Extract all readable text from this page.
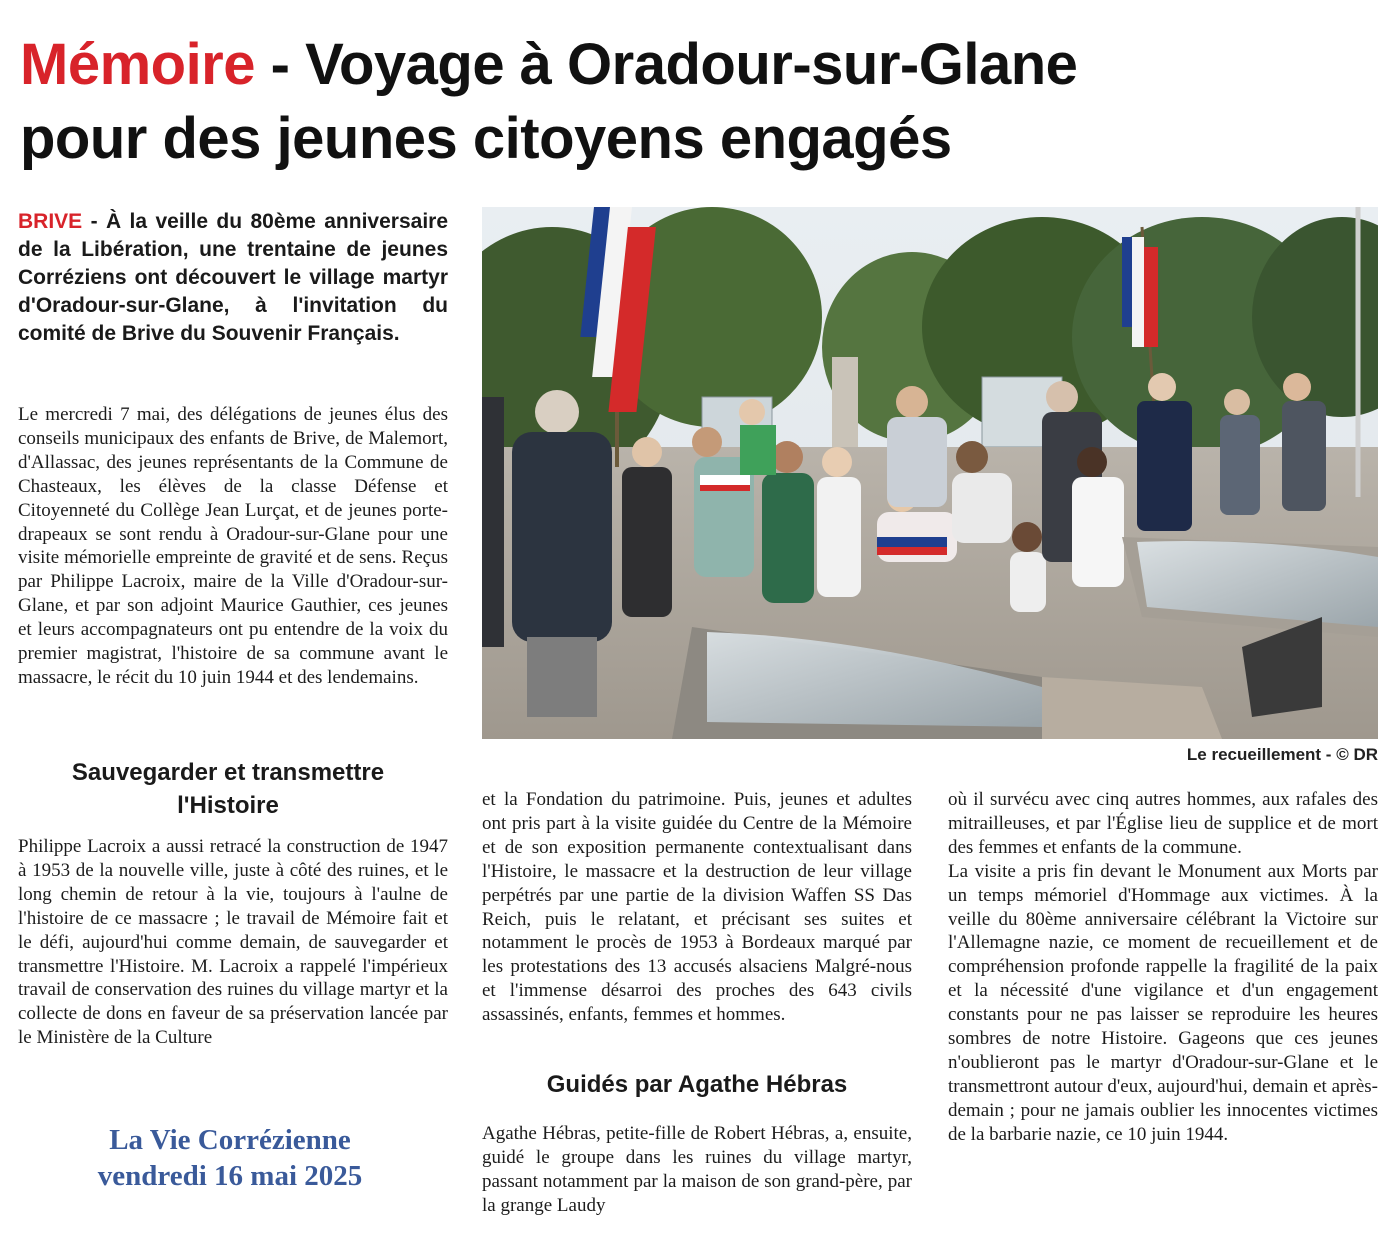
Mémoire - Voyage à Oradour-sur-Glane
pour des jeunes citoyens engagés
BRIVE - À la veille du 80ème anniversaire de la Libération, une trentaine de jeunes Corréziens ont découvert le village martyr d'Oradour-sur-Glane, à l'invitation du comité de Brive du Souvenir Français.

Le mercredi 7 mai, des délégations de jeunes élus des conseils municipaux des enfants de Brive, de Malemort, d'Allassac, des jeunes représentants de la Commune de Chasteaux, les élèves de la classe Défense et Citoyenneté du Collège Jean Lurçat, et de jeunes porte-drapeaux se sont rendu à Oradour-sur-Glane pour une visite mémorielle empreinte de gravité et de sens. Reçus par Philippe Lacroix, maire de la Ville d'Oradour-sur-Glane, et par son adjoint Maurice Gauthier, ces jeunes et leurs accompagnateurs ont pu entendre de la voix du premier magistrat, l'histoire de sa commune avant le massacre, le récit du 10 juin 1944 et des lendemains.

Sauvegarder et transmettre l'Histoire

Philippe Lacroix a aussi retracé la construction de 1947 à 1953 de la nouvelle ville, juste à côté des ruines, et le long chemin de retour à la vie, toujours à l'aulne de l'histoire de ce massacre ; le travail de Mémoire fait et le défi, aujourd'hui comme demain, de sauvegarder et transmettre l'Histoire. M. Lacroix a rappelé l'impérieux travail de conservation des ruines du village martyr et la collecte de dons en faveur de sa préservation lancée par le Ministère de la Culture

Le recueillement - © DR

et la Fondation du patrimoine. Puis, jeunes et adultes ont pris part à la visite guidée du Centre de la Mémoire et de son exposition permanente contextualisant dans l'Histoire, le massacre et la destruction de leur village perpétrés par une partie de la division Waffen SS Das Reich, puis le relatant, et précisant ses suites et notamment le procès de 1953 à Bordeaux marqué par les protestations des 13 accusés alsaciens Malgré-nous et l'immense désarroi des proches des 643 civils assassinés, enfants, femmes et hommes.

Guidés par Agathe Hébras

Agathe Hébras, petite-fille de Robert Hébras, a, ensuite, guidé le groupe dans les ruines du village martyr, passant notamment par la maison de son grand-père, par la grange Laudy

où il survécu avec cinq autres hommes, aux rafales des mitrailleuses, et par l'Église lieu de supplice et de mort des femmes et enfants de la commune.

La visite a pris fin devant le Monument aux Morts par un temps mémoriel d'Hommage aux victimes. À la veille du 80ème anniversaire célébrant la Victoire sur l'Allemagne nazie, ce moment de recueillement et de compréhension profonde rappelle la fragilité de la paix et la nécessité d'une vigilance et d'un engagement constants pour ne pas laisser se reproduire les heures sombres de notre Histoire. Gageons que ces jeunes n'oublieront pas le martyr d'Oradour-sur-Glane et le transmettront autour d'eux, aujourd'hui, demain et après-demain ; pour ne jamais oublier les innocentes victimes de la barbarie nazie, ce 10 juin 1944.

La Vie Corrézienne
vendredi 16 mai 2025
